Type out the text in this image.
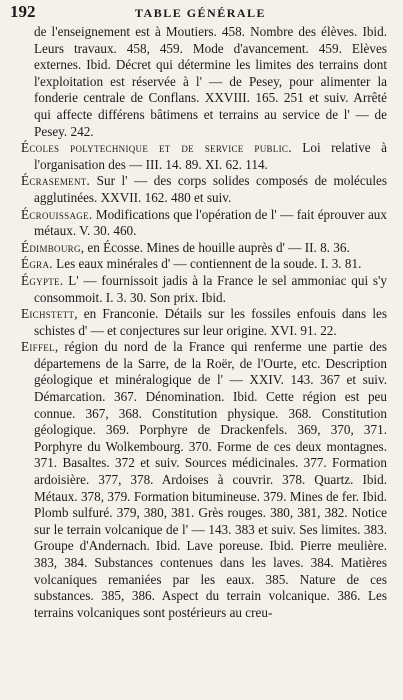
192	TABLE GÉNÉRALE

de l'enseignement est à Moutiers. 458. Nombre des élèves. Ibid. Leurs travaux. 458, 459. Mode d'avancement. 459. Elèves externes. Ibid. Décret qui détermine les limites des terrains dont l'exploitation est réservée à l' — de Pesey, pour alimenter la fonderie centrale de Conflans. XXVIII. 165. 251 et suiv. Arrêté qui affecte différens bâtimens et terrains au service de l' — de Pesey. 242.

Écoles polytechnique et de service public. Loi relative à l'organisation des — III. 14. 89. XI. 62. 114.

Écrasement. Sur l' — des corps solides composés de molécules agglutinées. XXVII. 162. 480 et suiv.

Écrouissage. Modifications que l'opération de l' — fait éprouver aux métaux. V. 30. 460.

Édimbourg, en Écosse. Mines de houille auprès d' — II. 8. 36.

Égra. Les eaux minérales d' — contiennent de la soude. I. 3. 81.

Égypte. L' — fournissoit jadis à la France le sel ammoniac qui s'y consommoit. I. 3. 30. Son prix. Ibid.

Eichstett, en Franconie. Détails sur les fossiles enfouis dans les schistes d' — et conjectures sur leur origine. XVI. 91. 22.

Eiffel, région du nord de la France qui renferme une partie des départemens de la Sarre, de la Roër, de l'Ourte, etc. Description géologique et minéralogique de l' — XXIV. 143. 367 et suiv. Démarcation. 367. Dénomination. Ibid. Cette région est peu connue. 367, 368. Constitution physique. 368. Constitution géologique. 369. Porphyre de Drackenfels. 369, 370, 371. Porphyre du Wolkembourg. 370. Forme de ces deux montagnes. 371. Basaltes. 372 et suiv. Sources médicinales. 377. Formation ardoisière. 377, 378. Ardoises à couvrir. 378. Quartz. Ibid. Métaux. 378, 379. Formation bitumineuse. 379. Mines de fer. Ibid. Plomb sulfuré. 379, 380, 381. Grès rouges. 380, 381, 382. Notice sur le terrain volcanique de l' — 143. 383 et suiv. Ses limites. 383. Groupe d'Andernach. Ibid. Lave poreuse. Ibid. Pierre meulière. 383, 384. Substances contenues dans les laves. 384. Matières volcaniques remaniées par les eaux. 385. Nature de ces substances. 385, 386. Aspect du terrain volcanique. 386. Les terrains volcaniques sont postérieurs au creu-
